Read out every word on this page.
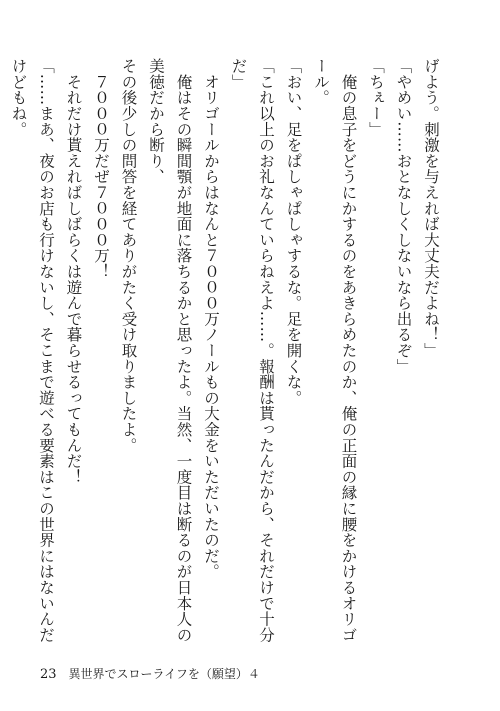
げよう。刺激を与えれば大丈夫だよね！」
「やめい……おとなしくしないなら出るぞ」
「ちぇー」
　俺の息子をどうにかするのをあきらめたのか、俺の正面の縁に腰をかけるオリゴール。
「おい、足をぱしゃぱしゃするな。足を開くな。
「これ以上のお礼なんていらねえよ……。報酬は貰ったんだから、それだけで十分だ」
　オリゴールからはなんと７０００万ノールもの大金をいただいたのだ。
　俺はその瞬間顎が地面に落ちるかと思ったよ。当然、一度目は断るのが日本人の美徳だから断り、
その後少しの問答を経てありがたく受け取りましたよ。
　７０００万だぜ７０００万！
　それだけ貰えればしばらくは遊んで暮らせるってもんだ！
「……まあ、夜のお店も行けないし、そこまで遊べる要素はこの世界にはないんだけどもね。
23 異世界でスローライフを（願望）４
